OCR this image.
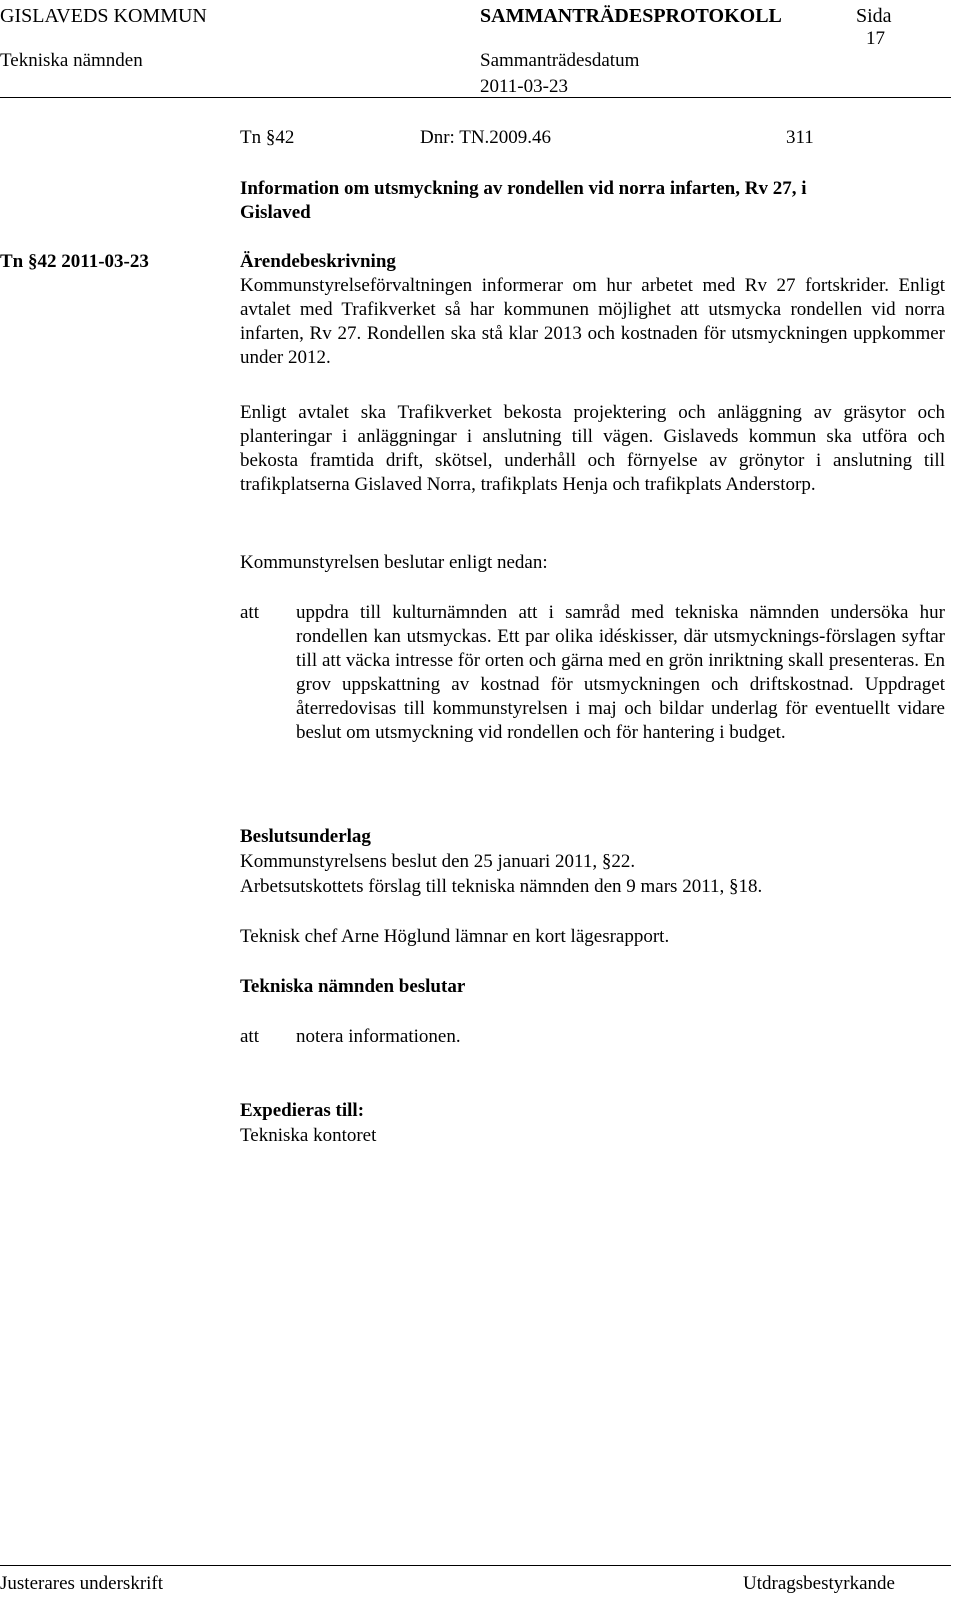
GISLAVEDS KOMMUN	SAMMANTRÄDESPROTOKOLL	Sida
17
Tekniska nämnden	Sammanträdesdatum
2011-03-23
Tn §42	Dnr: TN.2009.46	311
Information om utsmyckning av rondellen vid norra infarten, Rv 27, i
Gislaved
Tn §42 2011-03-23	Ärendebeskrivning
Kommunstyrelseförvaltningen informerar om hur arbetet med Rv 27 fortskrider. Enligt avtalet med Trafikverket så har kommunen möjlighet att utsmycka rondellen vid norra infarten, Rv 27. Rondellen ska stå klar 2013 och kostnaden för utsmyckningen uppkommer under 2012.
Enligt avtalet ska Trafikverket bekosta projektering och anläggning av gräsytor och planteringar i anläggningar i anslutning till vägen. Gislaveds kommun ska utföra och bekosta framtida drift, skötsel, underhåll och förnyelse av grönytor i anslutning till trafikplatserna Gislaved Norra, trafikplats Henja och trafikplats Anderstorp.
Kommunstyrelsen beslutar enligt nedan:
att uppdra till kulturnämnden att i samråd med tekniska nämnden undersöka hur rondellen kan utsmyckas. Ett par olika idéskisser, där utsmycknings-förslagen syftar till att väcka intresse för orten och gärna med en grön inriktning skall presenteras. En grov uppskattning av kostnad för utsmyckningen och driftskostnad. Uppdraget återredovisas till kommunstyrelsen i maj och bildar underlag för eventuellt vidare beslut om utsmyckning vid rondellen och för hantering i budget.
Beslutsunderlag
Kommunstyrelsens beslut den 25 januari 2011, §22.
Arbetsutskottets förslag till tekniska nämnden den 9 mars 2011, §18.
Teknisk chef Arne Höglund lämnar en kort lägesrapport.
Tekniska nämnden beslutar
att notera informationen.
Expedieras till:
Tekniska kontoret
Justerares underskrift	Utdragsbestyrkande
